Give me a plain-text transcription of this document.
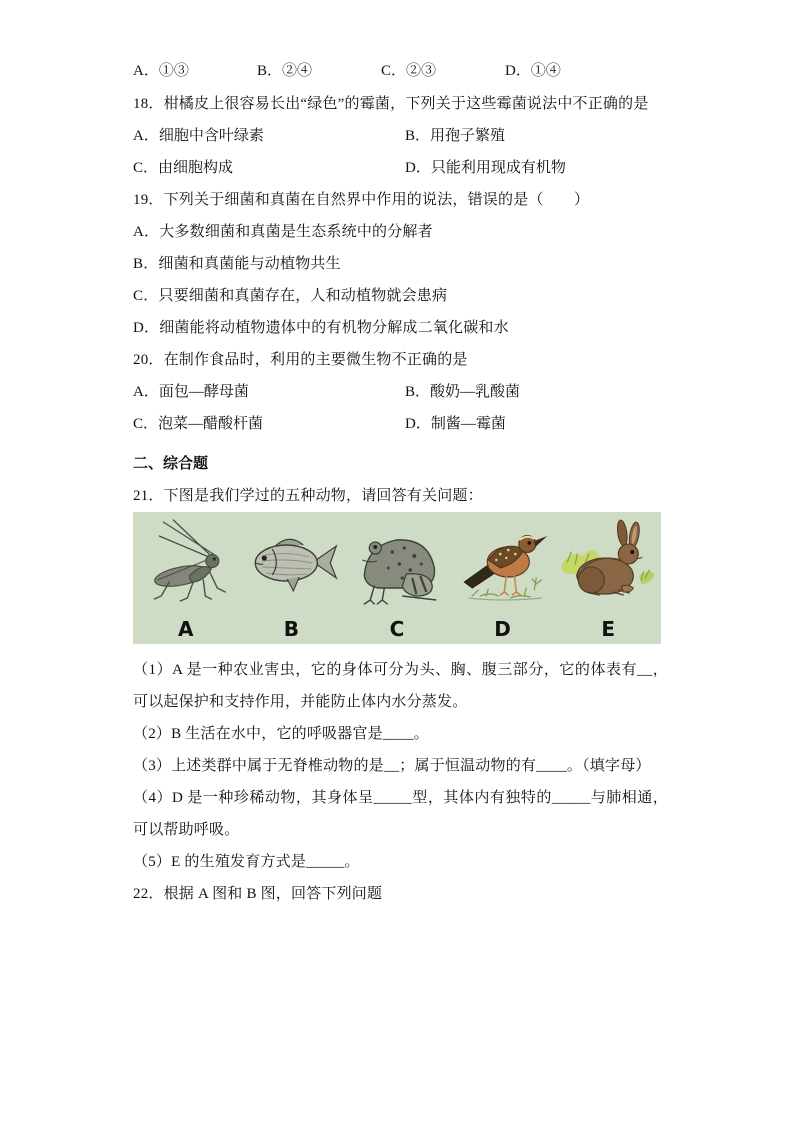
A．①③	B．②④	C．②③	D．①④

18．柑橘皮上很容易长出“绿色”的霉菌，下列关于这些霉菌说法中不正确的是

A．细胞中含叶绿素	B．用孢子繁殖
C．由细胞构成	D．只能利用现成有机物

19．下列关于细菌和真菌在自然界中作用的说法，错误的是（　　）

A．大多数细菌和真菌是生态系统中的分解者

B．细菌和真菌能与动植物共生

C．只要细菌和真菌存在，人和动植物就会患病

D．细菌能将动植物遗体中的有机物分解成二氧化碳和水

20．在制作食品时，利用的主要微生物不正确的是

A．面包—酵母菌	B．酸奶—乳酸菌
C．泡菜—醋酸杆菌	D．制酱—霉菌

二、综合题

21．下图是我们学过的五种动物，请回答有关问题：

A	B	C	D	E

（1）A 是一种农业害虫，它的身体可分为头、胸、腹三部分，它的体表有__，可以起保护和支持作用，并能防止体内水分蒸发。

（2）B 生活在水中，它的呼吸器官是____。

（3）上述类群中属于无脊椎动物的是__；属于恒温动物的有____。（填字母）

（4）D 是一种珍稀动物，其身体呈_____型，其体内有独特的_____与肺相通，可以帮助呼吸。

（5）E 的生殖发育方式是_____。

22．根据 A 图和 B 图，回答下列问题
